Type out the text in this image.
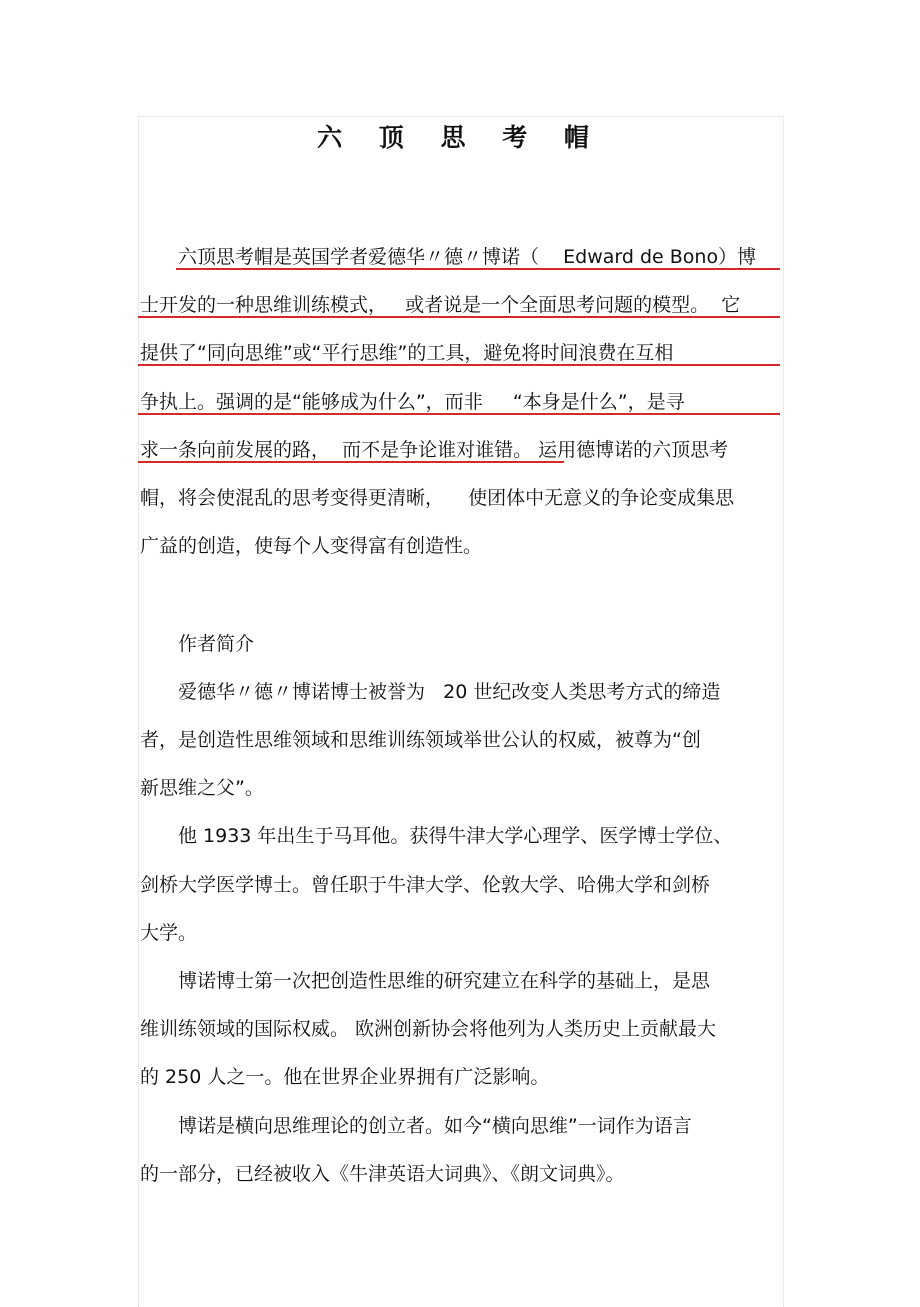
六 顶 思 考 帽

六顶思考帽是英国学者爱德华〃德〃博诺（    Edward de Bono）博

士开发的一种思维训练模式，   或者说是一个全面思考问题的模型。  它

提供了“同向思维”或“平行思维”的工具，避免将时间浪费在互相

争执上。强调的是“能够成为什么”，而非     “本身是什么”，是寻

求一条向前发展的路，  而不是争论谁对谁错。 运用德博诺的六顶思考

帽，将会使混乱的思考变得更清晰，    使团体中无意义的争论变成集思

广益的创造，使每个人变得富有创造性。

作者简介

爱德华〃德〃博诺博士被誉为   20 世纪改变人类思考方式的缔造

者，是创造性思维领域和思维训练领域举世公认的权威，被尊为“创

新思维之父”。

他 1933 年出生于马耳他。获得牛津大学心理学、医学博士学位、

剑桥大学医学博士。曾任职于牛津大学、伦敦大学、哈佛大学和剑桥

大学。

博诺博士第一次把创造性思维的研究建立在科学的基础上，是思

维训练领域的国际权威。 欧洲创新协会将他列为人类历史上贡献最大

的 250 人之一。他在世界企业界拥有广泛影响。

博诺是横向思维理论的创立者。如今“横向思维”一词作为语言

的一部分，已经被收入《牛津英语大词典》、《朗文词典》。
